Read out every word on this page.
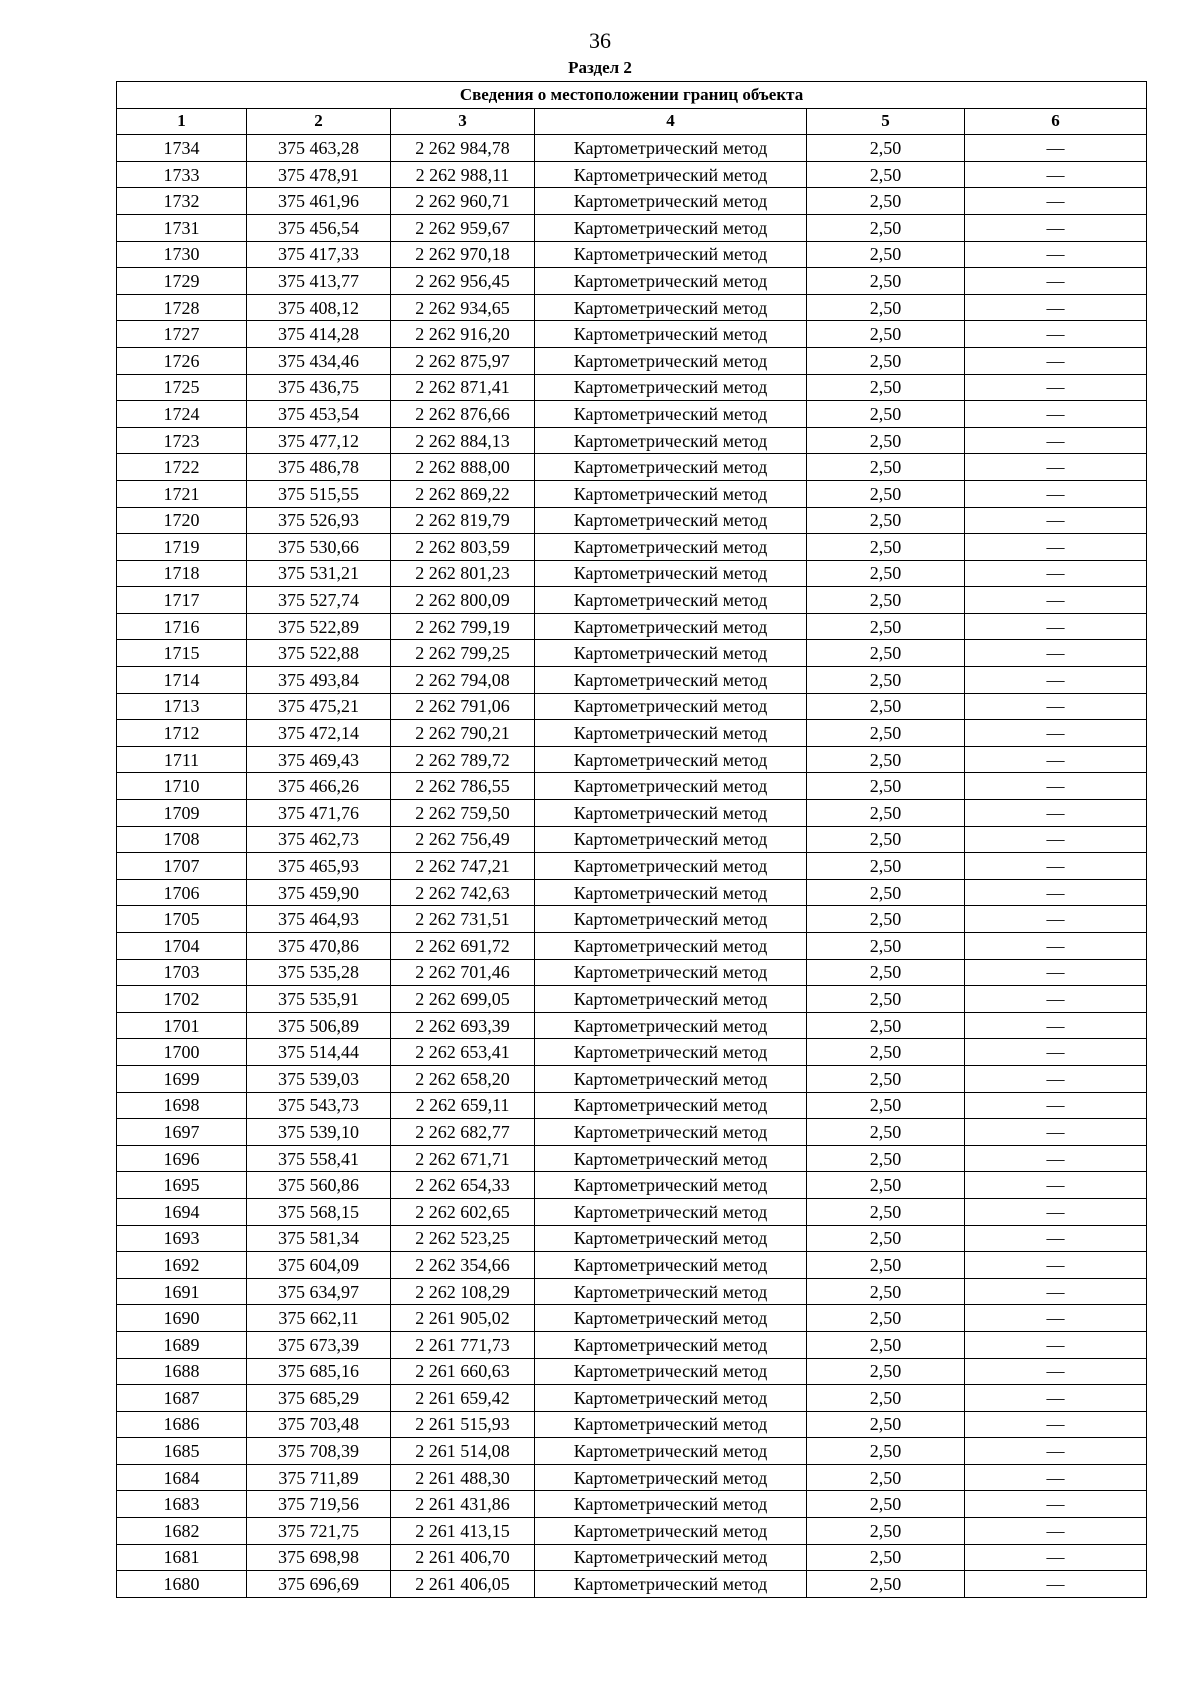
36
Раздел 2
Сведения о местоположении границ объекта					
1	2	3	4	5	6
1734	375 463,28	2 262 984,78	Картометрический метод	2,50	—
1733	375 478,91	2 262 988,11	Картометрический метод	2,50	—
1732	375 461,96	2 262 960,71	Картометрический метод	2,50	—
1731	375 456,54	2 262 959,67	Картометрический метод	2,50	—
1730	375 417,33	2 262 970,18	Картометрический метод	2,50	—
1729	375 413,77	2 262 956,45	Картометрический метод	2,50	—
1728	375 408,12	2 262 934,65	Картометрический метод	2,50	—
1727	375 414,28	2 262 916,20	Картометрический метод	2,50	—
1726	375 434,46	2 262 875,97	Картометрический метод	2,50	—
1725	375 436,75	2 262 871,41	Картометрический метод	2,50	—
1724	375 453,54	2 262 876,66	Картометрический метод	2,50	—
1723	375 477,12	2 262 884,13	Картометрический метод	2,50	—
1722	375 486,78	2 262 888,00	Картометрический метод	2,50	—
1721	375 515,55	2 262 869,22	Картометрический метод	2,50	—
1720	375 526,93	2 262 819,79	Картометрический метод	2,50	—
1719	375 530,66	2 262 803,59	Картометрический метод	2,50	—
1718	375 531,21	2 262 801,23	Картометрический метод	2,50	—
1717	375 527,74	2 262 800,09	Картометрический метод	2,50	—
1716	375 522,89	2 262 799,19	Картометрический метод	2,50	—
1715	375 522,88	2 262 799,25	Картометрический метод	2,50	—
1714	375 493,84	2 262 794,08	Картометрический метод	2,50	—
1713	375 475,21	2 262 791,06	Картометрический метод	2,50	—
1712	375 472,14	2 262 790,21	Картометрический метод	2,50	—
1711	375 469,43	2 262 789,72	Картометрический метод	2,50	—
1710	375 466,26	2 262 786,55	Картометрический метод	2,50	—
1709	375 471,76	2 262 759,50	Картометрический метод	2,50	—
1708	375 462,73	2 262 756,49	Картометрический метод	2,50	—
1707	375 465,93	2 262 747,21	Картометрический метод	2,50	—
1706	375 459,90	2 262 742,63	Картометрический метод	2,50	—
1705	375 464,93	2 262 731,51	Картометрический метод	2,50	—
1704	375 470,86	2 262 691,72	Картометрический метод	2,50	—
1703	375 535,28	2 262 701,46	Картометрический метод	2,50	—
1702	375 535,91	2 262 699,05	Картометрический метод	2,50	—
1701	375 506,89	2 262 693,39	Картометрический метод	2,50	—
1700	375 514,44	2 262 653,41	Картометрический метод	2,50	—
1699	375 539,03	2 262 658,20	Картометрический метод	2,50	—
1698	375 543,73	2 262 659,11	Картометрический метод	2,50	—
1697	375 539,10	2 262 682,77	Картометрический метод	2,50	—
1696	375 558,41	2 262 671,71	Картометрический метод	2,50	—
1695	375 560,86	2 262 654,33	Картометрический метод	2,50	—
1694	375 568,15	2 262 602,65	Картометрический метод	2,50	—
1693	375 581,34	2 262 523,25	Картометрический метод	2,50	—
1692	375 604,09	2 262 354,66	Картометрический метод	2,50	—
1691	375 634,97	2 262 108,29	Картометрический метод	2,50	—
1690	375 662,11	2 261 905,02	Картометрический метод	2,50	—
1689	375 673,39	2 261 771,73	Картометрический метод	2,50	—
1688	375 685,16	2 261 660,63	Картометрический метод	2,50	—
1687	375 685,29	2 261 659,42	Картометрический метод	2,50	—
1686	375 703,48	2 261 515,93	Картометрический метод	2,50	—
1685	375 708,39	2 261 514,08	Картометрический метод	2,50	—
1684	375 711,89	2 261 488,30	Картометрический метод	2,50	—
1683	375 719,56	2 261 431,86	Картометрический метод	2,50	—
1682	375 721,75	2 261 413,15	Картометрический метод	2,50	—
1681	375 698,98	2 261 406,70	Картометрический метод	2,50	—
1680	375 696,69	2 261 406,05	Картометрический метод	2,50	—
